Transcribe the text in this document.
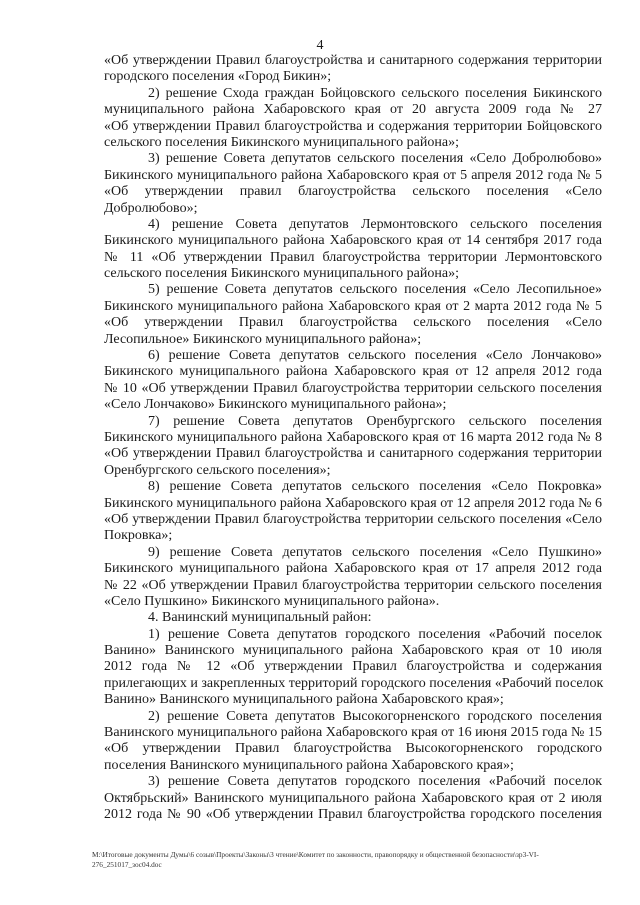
4
«Об утверждении Правил благоустройства и санитарного содержания территории
городского поселения «Город Бикин»;
2) решение Схода граждан Бойцовского сельского поселения Бикинского
муниципального района Хабаровского края от 20 августа 2009 года № 27
«Об утверждении Правил благоустройства и содержания территории Бойцовского
сельского поселения Бикинского муниципального района»;
3) решение Совета депутатов сельского поселения «Село Добролюбово»
Бикинского муниципального района Хабаровского края от 5 апреля 2012 года № 5
«Об утверждении правил благоустройства сельского поселения «Село
Добролюбово»;
4) решение Совета депутатов Лермонтовского сельского поселения
Бикинского муниципального района Хабаровского края от 14 сентября 2017 года
№ 11 «Об утверждении Правил благоустройства территории Лермонтовского
сельского поселения Бикинского муниципального района»;
5) решение Совета депутатов сельского поселения «Село Лесопильное»
Бикинского муниципального района Хабаровского края от 2 марта 2012 года № 5
«Об утверждении Правил благоустройства сельского поселения «Село
Лесопильное» Бикинского муниципального района»;
6) решение Совета депутатов сельского поселения «Село Лончаково»
Бикинского муниципального района Хабаровского края от 12 апреля 2012 года
№ 10 «Об утверждении Правил благоустройства территории сельского поселения
«Село Лончаково» Бикинского муниципального района»;
7) решение Совета депутатов Оренбургского сельского поселения
Бикинского муниципального района Хабаровского края от 16 марта 2012 года № 8
«Об утверждении Правил благоустройства и санитарного содержания территории
Оренбургского сельского поселения»;
8) решение Совета депутатов сельского поселения «Село Покровка»
Бикинского муниципального района Хабаровского края от 12 апреля 2012 года № 6
«Об утверждении Правил благоустройства территории сельского поселения «Село
Покровка»;
9) решение Совета депутатов сельского поселения «Село Пушкино»
Бикинского муниципального района Хабаровского края от 17 апреля 2012 года
№ 22 «Об утверждении Правил благоустройства территории сельского поселения
«Село Пушкино» Бикинского муниципального района».
4. Ванинский муниципальный район:
1) решение Совета депутатов городского поселения «Рабочий поселок
Ванино» Ванинского муниципального района Хабаровского края от 10 июля
2012 года № 12 «Об утверждении Правил благоустройства и содержания
прилегающих и закрепленных территорий городского поселения «Рабочий поселок
Ванино» Ванинского муниципального района Хабаровского края»;
2) решение Совета депутатов Высокогорненского городского поселения
Ванинского муниципального района Хабаровского края от 16 июня 2015 года № 15
«Об утверждении Правил благоустройства Высокогорненского городского
поселения Ванинского муниципального района Хабаровского края»;
3) решение Совета депутатов городского поселения «Рабочий поселок
Октябрьский» Ванинского муниципального района Хабаровского края от 2 июля
2012 года № 90 «Об утверждении Правил благоустройства городского поселения
M:\Итоговые документы Думы\6 созыв\Проекты\Законы\3 чтение\Комитет по законности, правопорядку и общественной безопасности\зр3-VI-
276_251017_зос04.doc
